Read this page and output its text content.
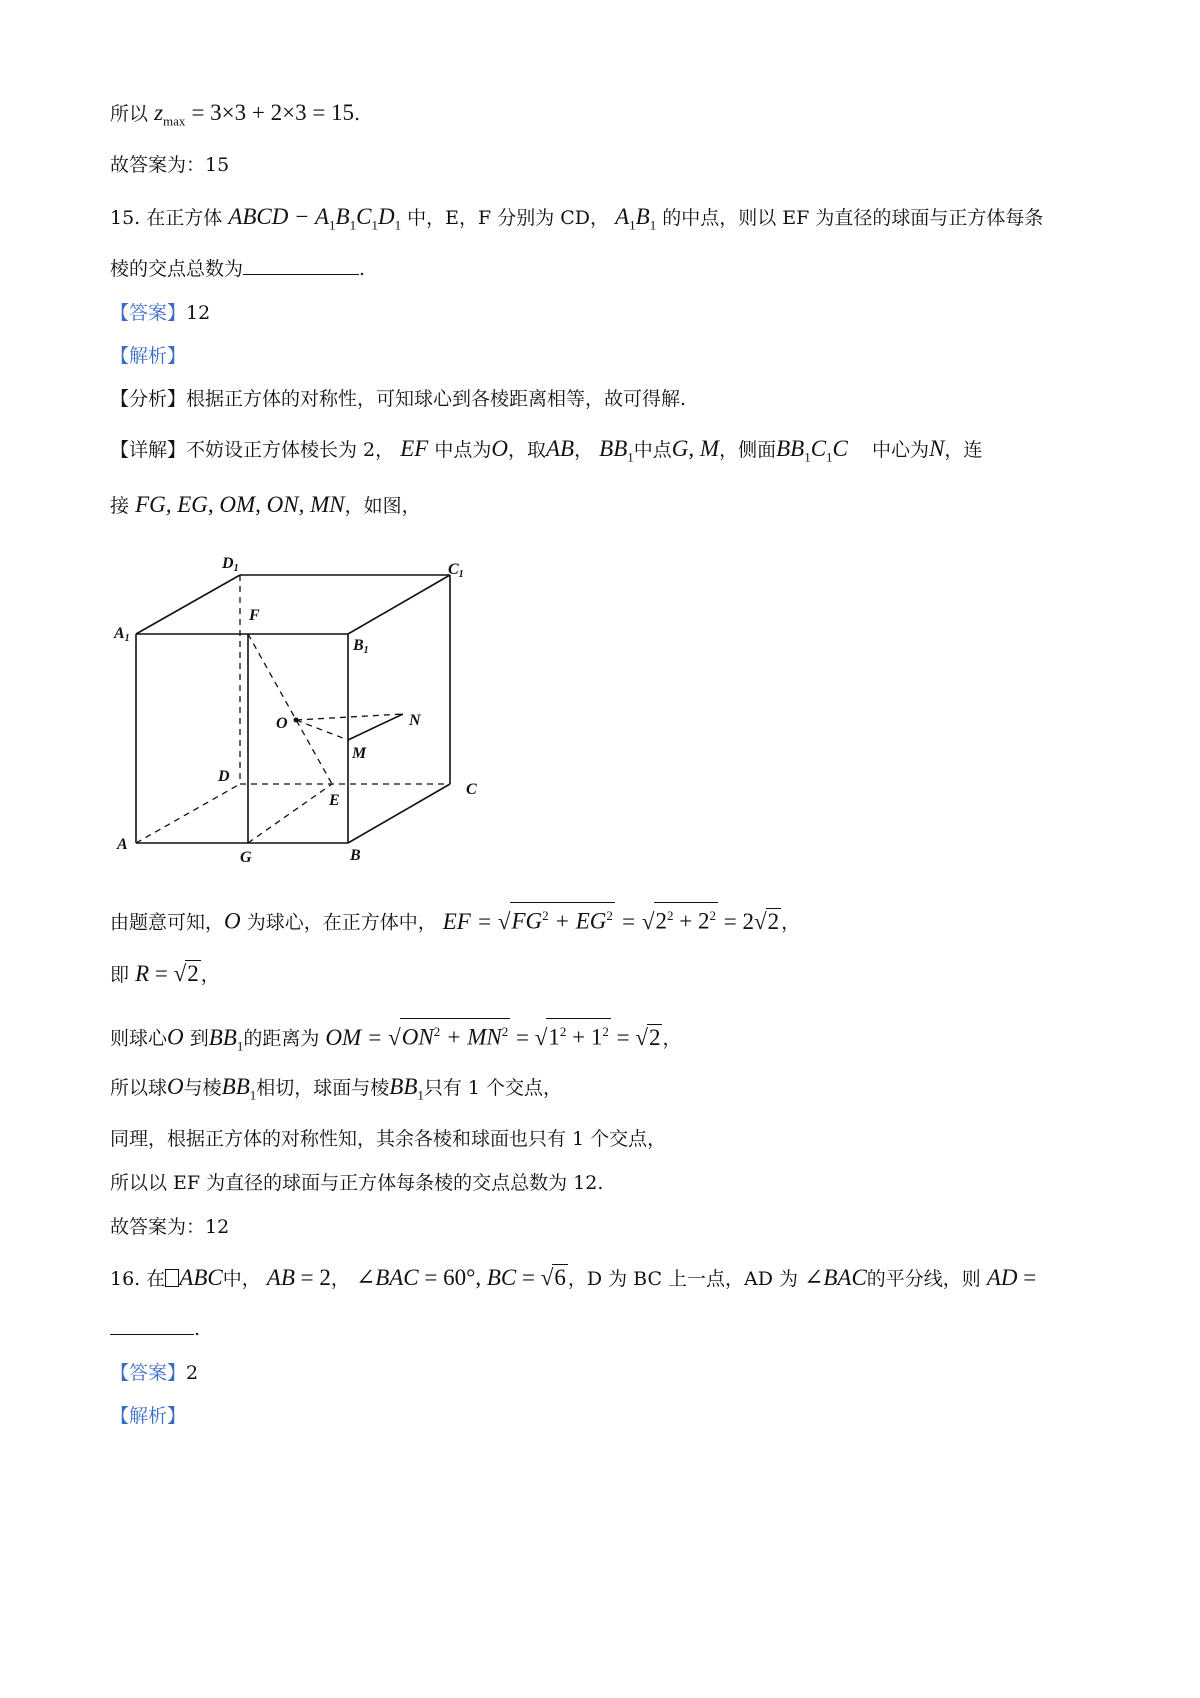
所以 $z_{max} = 3\times 3 + 2\times 3 = 15$.
故答案为：15
15. 在正方体 ABCD − $A_1B_1C_1D_1$ 中，E，F 分别为 CD， $A_1B_1$ 的中点，则以 EF 为直径的球面与正方体每条
棱的交点总数为	.
【答案】12
【解析】
【分析】根据正方体的对称性，可知球心到各棱距离相等，故可得解.
【详解】不妨设正方体棱长为 2， EF 中点为O，取AB， $BB_1$中点G, M，侧面$BB_1C_1C$ 中心为N，连
接 FG, EG, OM, ON, MN，如图，
D1	C1
A1	B1
F
O	N
M
D
E
C
A
G	B
由题意可知，O 为球心，在正方体中， EF = $√FG^2 + EG^2 = √2^2 + 2^2 = 2√2$ ，
即 R = √2 ，
则球心O 到$BB_1$的距离为 OM = $√ON^2 + MN^2 = √1^2 + 1^2 = √2$ ，
所以球O与棱$BB_1$相切，球面与棱$BB_1$只有 1 个交点，
同理，根据正方体的对称性知，其余各棱和球面也只有 1 个交点，
所以以 EF 为直径的球面与正方体每条棱的交点总数为 12.
故答案为：12
16. 在 ABC中， AB = 2， ∠BAC = 60°, BC = √6 ，D 为 BC 上一点，AD 为 ∠BAC的平分线，则 AD =
.
【答案】2
【解析】
